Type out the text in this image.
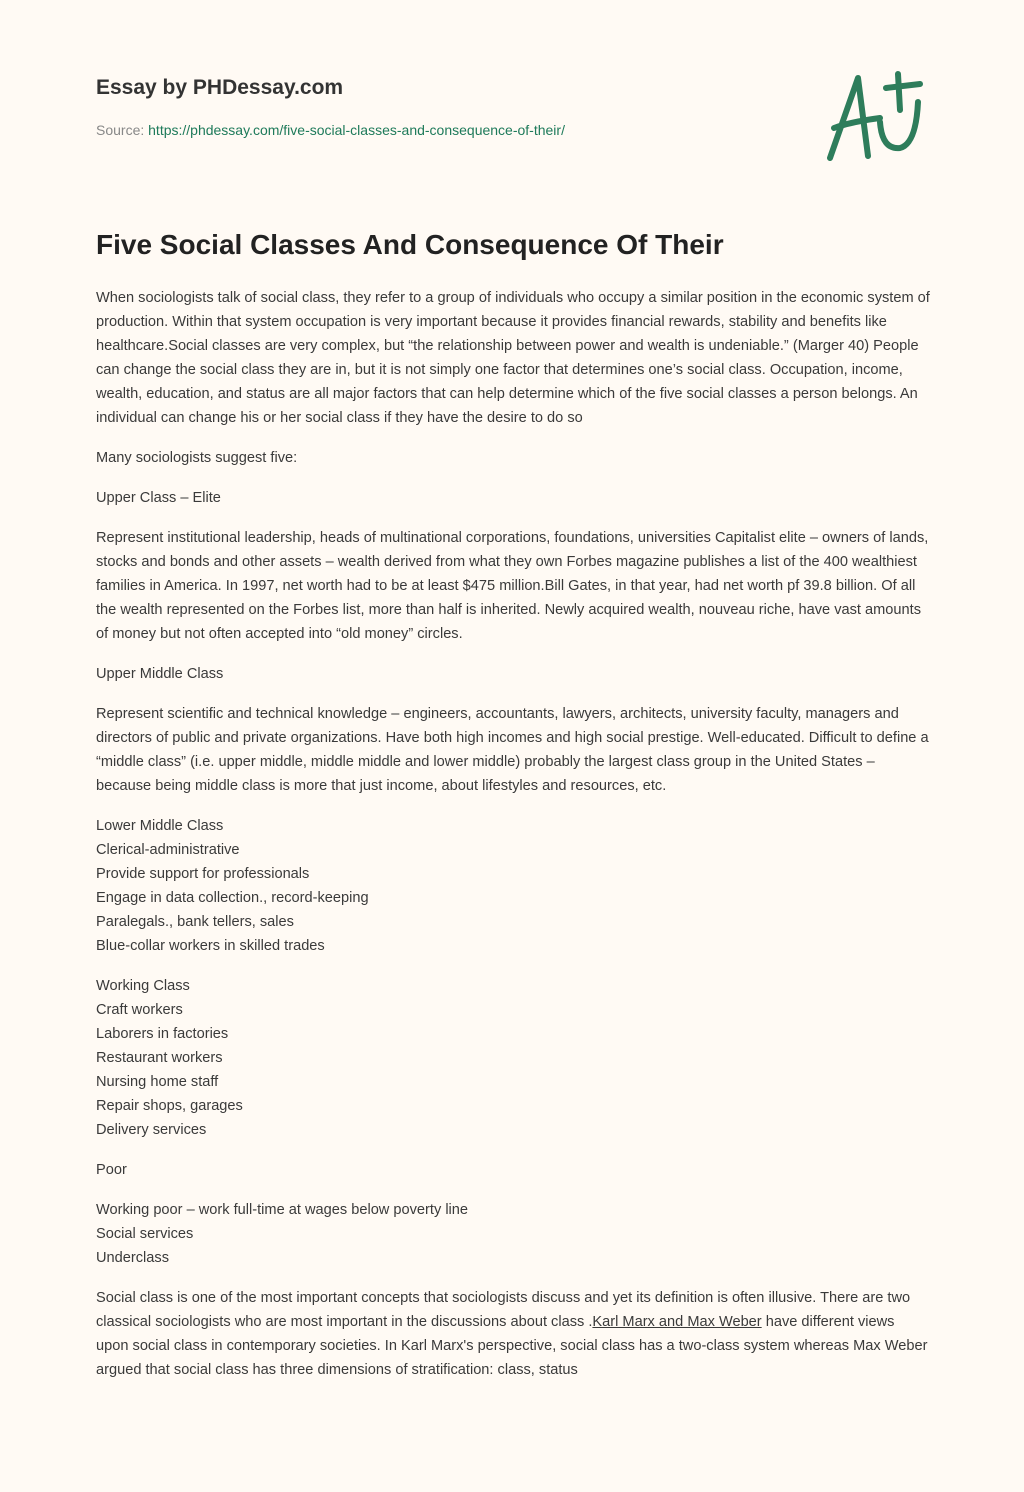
Essay by PHDessay.com
Source: https://phdessay.com/five-social-classes-and-consequence-of-their/
Five Social Classes And Consequence Of Their

When sociologists talk of social class, they refer to a group of individuals who occupy a similar position in the economic system of production. Within that system occupation is very important because it provides financial rewards, stability and benefits like healthcare.Social classes are very complex, but “the relationship between power and wealth is undeniable.” (Marger 40) People can change the social class they are in, but it is not simply one factor that determines one’s social class. Occupation, income, wealth, education, and status are all major factors that can help determine which of the five social classes a person belongs. An individual can change his or her social class if they have the desire to do so

Many sociologists suggest five:

Upper Class – Elite

Represent institutional leadership, heads of multinational corporations, foundations, universities Capitalist elite – owners of lands, stocks and bonds and other assets – wealth derived from what they own Forbes magazine publishes a list of the 400 wealthiest families in America. In 1997, net worth had to be at least $475 million.Bill Gates, in that year, had net worth pf 39.8 billion. Of all the wealth represented on the Forbes list, more than half is inherited. Newly acquired wealth, nouveau riche, have vast amounts of money but not often accepted into “old money” circles.

Upper Middle Class

Represent scientific and technical knowledge – engineers, accountants, lawyers, architects, university faculty, managers and directors of public and private organizations. Have both high incomes and high social prestige. Well-educated. Difficult to define a “middle class” (i.e. upper middle, middle middle and lower middle) probably the largest class group in the United States – because being middle class is more that just income, about lifestyles and resources, etc.

Lower Middle Class
Clerical-administrative
Provide support for professionals
Engage in data collection., record-keeping
Paralegals., bank tellers, sales
Blue-collar workers in skilled trades

Working Class
Craft workers
Laborers in factories
Restaurant workers
Nursing home staff
Repair shops, garages
Delivery services

Poor

Working poor – work full-time at wages below poverty line
Social services
Underclass

Social class is one of the most important concepts that sociologists discuss and yet its definition is often illusive. There are two classical sociologists who are most important in the discussions about class .Karl Marx and Max Weber have different views upon social class in contemporary societies. In Karl Marx's perspective, social class has a two-class system whereas Max Weber argued that social class has three dimensions of stratification: class, status
